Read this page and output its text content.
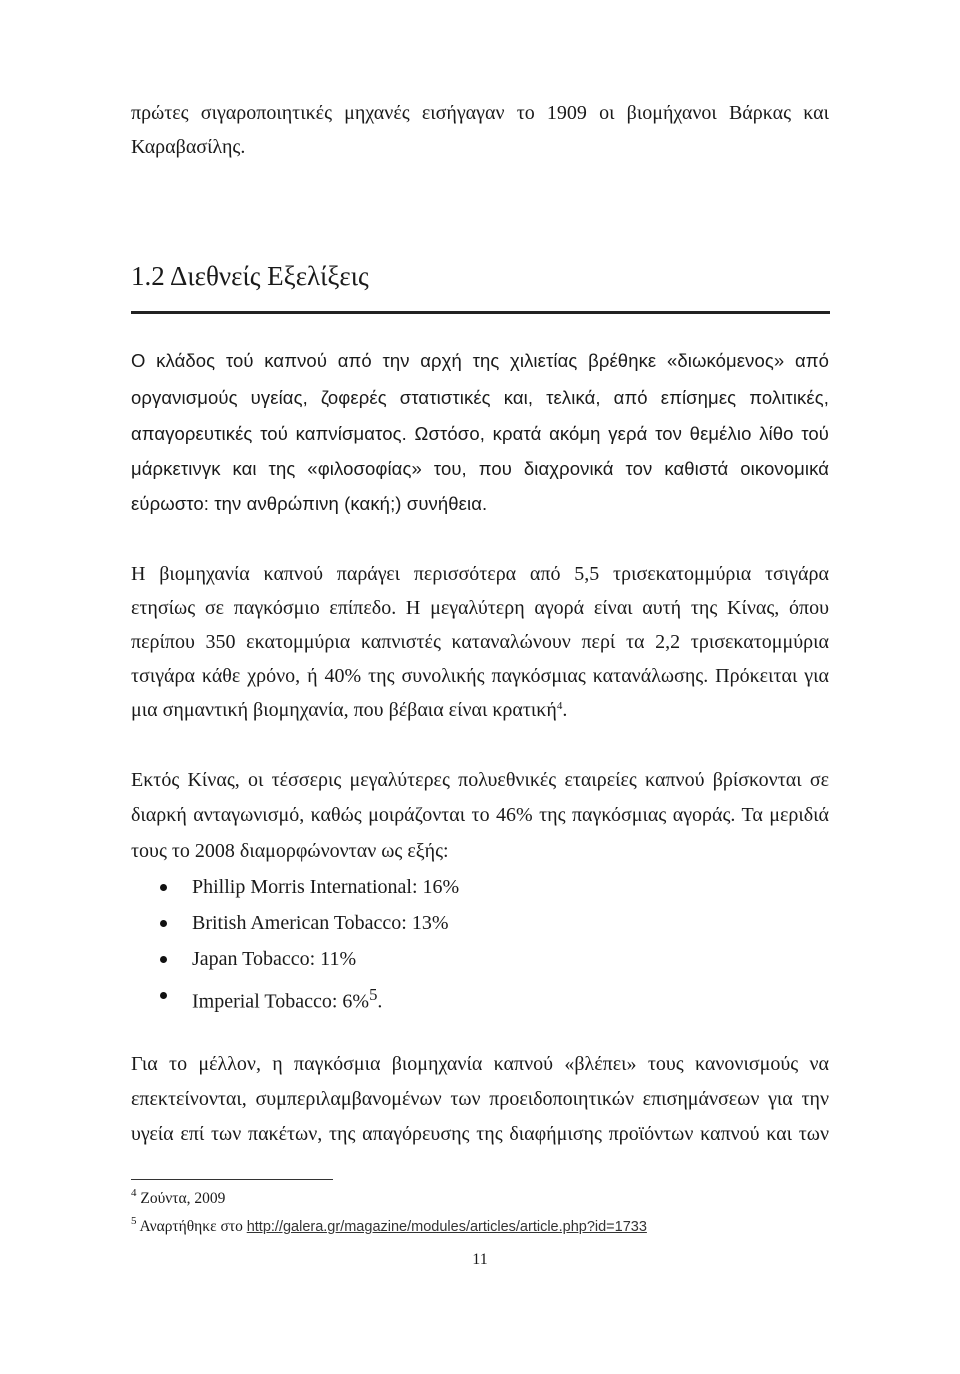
πρώτες σιγαροποιητικές μηχανές εισήγαγαν το 1909 οι βιομήχανοι Βάρκας και
Καραβασίλης.
1.2 Διεθνείς Εξελίξεις
Ο κλάδος τού καπνού από την αρχή της χιλιετίας βρέθηκε «διωκόμενος» από
οργανισμούς υγείας, ζοφερές στατιστικές και, τελικά, από επίσημες πολιτικές,
απαγορευτικές τού καπνίσματος. Ωστόσο, κρατά ακόμη γερά τον θεμέλιο λίθο τού
μάρκετινγκ και της «φιλοσοφίας» του, που διαχρονικά τον καθιστά οικονομικά
εύρωστο: την ανθρώπινη (κακή;) συνήθεια.
Η βιομηχανία καπνού παράγει περισσότερα από 5,5 τρισεκατομμύρια τσιγάρα
ετησίως σε παγκόσμιο επίπεδο. Η μεγαλύτερη αγορά είναι αυτή της Κίνας, όπου
περίπου 350 εκατομμύρια καπνιστές καταναλώνουν περί τα 2,2 τρισεκατομμύρια
τσιγάρα κάθε χρόνο, ή 40% της συνολικής παγκόσμιας κατανάλωσης. Πρόκειται για
μια σημαντική βιομηχανία, που βέβαια είναι κρατική$^4$.
Εκτός Κίνας, οι τέσσερις μεγαλύτερες πολυεθνικές εταιρείες καπνού βρίσκονται σε
διαρκή ανταγωνισμό, καθώς μοιράζονται το 46% της παγκόσμιας αγοράς. Τα μεριδιά
τους το 2008 διαμορφώνονταν ως εξής:
Phillip Morris International: 16%
British American Tobacco: 13%
Japan Tobacco: 11%
Imperial Tobacco: 6%$^5$.
Για το μέλλον, η παγκόσμια βιομηχανία καπνού «βλέπει» τους κανονισμούς να
επεκτείνονται, συμπεριλαμβανομένων των προειδοποιητικών επισημάνσεων για την
υγεία επί των πακέτων, της απαγόρευσης της διαφήμισης προϊόντων καπνού και των
$^4$ Ζούντα, 2009
$^5$ Αναρτήθηκε στο http://galera.gr/magazine/modules/articles/article.php?id=1733
11
